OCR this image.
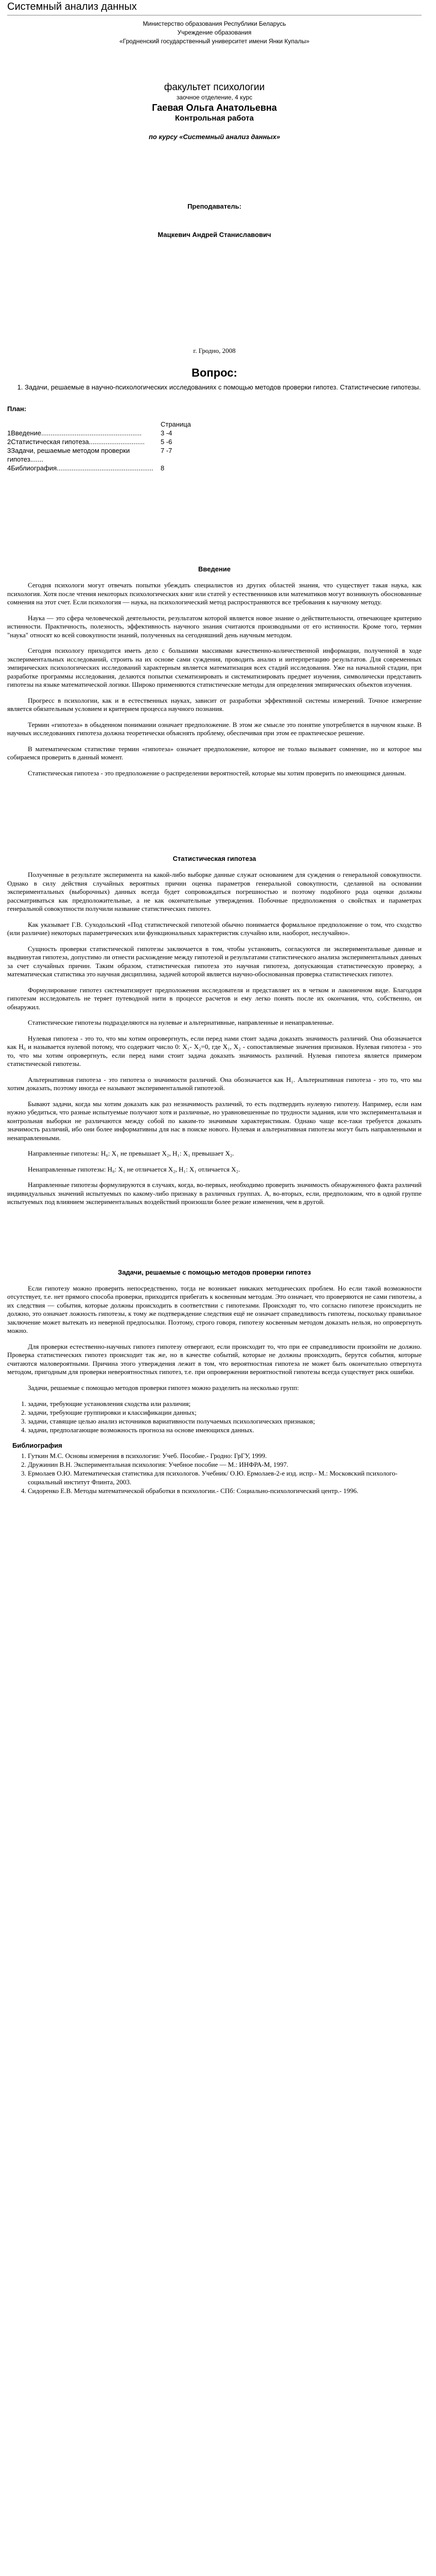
Системный анализ данных
Министерство образования Республики Беларусь
Учреждение образования
«Гродненский государственный университет имени Янки Купалы»
факультет психологии
заочное отделение, 4 курс
Гаевая Ольга Анатольевна
Контрольная работа
по курсу «Системный анализ данных»
Преподаватель:
Мацкевич Андрей Станиславович
г. Гродно, 2008
Вопрос:
1. Задачи, решаемые в научно-психологических исследованиях с помощью методов проверки гипотез. Статистические гипотезы.
План:
	Страница
1Введение......................................................	3 -4
2Статистическая гипотеза..............................	5 -6
3Задачи, решаемые методом проверки гипотез.......	7 -7
4Библиография....................................................	8
Введение

Сегодня психологи могут отвечать попытки убеждать специалистов из других областей знания, что существует такая наука, как психология. Хотя после чтения некоторых психологических книг или статей у естественников или математиков могут возникнуть обоснованные сомнения на этот счет. Если психология — наука, на психологический метод распространяются все требования к научному методу.

Наука — это сфера человеческой деятельности, результатом которой является новое знание о действительности, отвечающее критерию истинности. Практичность, полезность, эффективность научного знания считаются производными от его истинности. Кроме того, термин "наука" относят ко всей совокупности знаний, полученных на сегодняшний день научным методом.

Сегодня психологу приходится иметь дело с большими массивами качественно-количественной информации, полученной в ходе экспериментальных исследований, строить на их основе сами суждения, проводить анализ и интерпретацию результатов. Для современных эмпирических психологических исследований характерным является математизация всех стадий исследования. Уже на начальной стадии, при разработке программы исследования, делаются попытки схематизировать и систематизировать предмет изучения, символически представить гипотезы на языке математической логики. Широко применяются статистические методы для определения эмпирических объектов изучения.

Прогресс в психологии, как и в естественных науках, зависит от разработки эффективной системы измерений. Точное измерение является обязательным условием и критерием процесса научного познания.

Термин «гипотеза» в обыденном понимании означает предположение. В этом же смысле это понятие употребляется в научном языке. В научных исследованиях гипотеза должна теоретически объяснять проблему, обеспечивая при этом ее практическое решение.

В математическом статистике термин «гипотеза» означает предположение, которое не только вызывает сомнение, но и которое мы собираемся проверить в данный момент.

Статистическая гипотеза - это предположение о распределении вероятностей, которые мы хотим проверить по имеющимся данным.

Статистическая гипотеза

Полученные в результате эксперимента на какой-либо выборке данные служат основанием для суждения о генеральной совокупности. Однако в силу действия случайных вероятных причин оценка параметров генеральной совокупности, сделанной на основании экспериментальных (выборочных) данных всегда будет сопровождаться погрешностью и поэтому подобного рода оценки должны рассматриваться как предположительные, а не как окончательные утверждения. Побочные предположения о свойствах и параметрах генеральной совокупности получили название статистических гипотез.

Как указывает Г.В. Суходольский «Под статистической гипотезой обычно понимается формальное предположение о том, что сходство (или различие) некоторых параметрических или функциональных характеристик случайно или, наоборот, неслучайно».

Сущность проверки статистической гипотезы заключается в том, чтобы установить, согласуются ли экспериментальные данные и выдвинутая гипотеза, допустимо ли отнести расхождение между гипотезой и результатами статистического анализа экспериментальных данных за счет случайных причин. Таким образом, статистическая гипотеза это научная гипотеза, допускающая статистическую проверку, а математическая статистика это научная дисциплина, задачей которой является научно-обоснованная проверка статистических гипотез.

Формулирование гипотез систематизирует предположения исследователя и представляет их в четком и лаконичном виде. Благодаря гипотезам исследователь не теряет путеводной нити в процессе расчетов и ему легко понять после их окончания, что, собственно, он обнаружил.

Статистические гипотезы подразделяются на нулевые и альтернативные, направленные и ненаправленные.

Нулевая гипотеза - это то, что мы хотим опровергнуть, если перед нами стоит задача доказать значимость различий. Она обозначается как H₀ и называется нулевой потому, что содержит число 0: X₁- X₂=0, где X₁, X₂ - сопоставляемые значения признаков. Нулевая гипотеза - это то, что мы хотим опровергнуть, если перед нами стоит задача доказать значимость различий. Нулевая гипотеза является примером статистической гипотезы.

Альтернативная гипотеза - это гипотеза о значимости различий. Она обозначается как H₁. Альтернативная гипотеза - это то, что мы хотим доказать, поэтому иногда ее называют экспериментальной гипотезой.

Бывают задачи, когда мы хотим доказать как раз незначимость различий, то есть подтвердить нулевую гипотезу. Например, если нам нужно убедиться, что разные испытуемые получают хотя и различные, но уравновешенные по трудности задания, или что экспериментальная и контрольная выборки не различаются между собой по каким-то значимым характеристикам. Однако чаще все-таки требуется доказать значимость различий, ибо они более информативны для нас в поиске нового. Нулевая и альтернативная гипотезы могут быть направленными и ненаправленными.

Направленные гипотезы: H₀: X₁ не превышает X₂, H₁: X₁ превышает X₂.

Ненаправленные гипотезы: H₀: X₁ не отличается X₂, H₁: X₁ отличается X₂.

Направленные гипотезы формулируются в случаях, когда, во-первых, необходимо проверить значимость обнаруженного факта различий индивидуальных значений испытуемых по какому-либо признаку в различных группах. А, во-вторых, если, предположим, что в одной группе испытуемых под влиянием экспериментальных воздействий произошли более резкие изменения, чем в другой.

Задачи, решаемые с помощью методов проверки гипотез

Если гипотезу можно проверить непосредственно, тогда не возникает никаких методических проблем. Но если такой возможности отсутствует, т.е. нет прямого способа проверки, приходится прибегать к косвенным методам. Это означает, что проверяются не сами гипотезы, а их следствия — события, которые должны происходить в соответствии с гипотезами. Происходят то, что согласно гипотезе происходить не должно, это означает ложность гипотезы, к тому же подтверждение следствия ещё не означает справедливость гипотезы, поскольку правильное заключение может вытекать из неверной предпосылки. Поэтому, строго говоря, гипотезу косвенным методом доказать нельзя, но опровергнуть можно.

Для проверки естественно-научных гипотез гипотезу отвергают, если происходит то, что при ее справедливости произойти не должно. Проверка статистических гипотез происходит так же, но в качестве событий, которые не должны происходить, берутся события, которые считаются маловероятными. Причина этого утверждения лежит в том, что вероятностная гипотеза не может быть окончательно отвергнута методом, пригодным для проверки невероятностных гипотез, т.е. при опровержении вероятностной гипотезы всегда существует риск ошибки.

Задачи, решаемые с помощью методов проверки гипотез можно разделить на несколько групп:

1. задачи, требующие установления сходства или различия;
2. задачи, требующие группировки и классификации данных;
3. задачи, ставящие целью анализ источников вариативности получаемых психологических признаков;
4. задачи, предполагающие возможность прогноза на основе имеющихся данных.
Библиография
1. Гуткин М.С. Основы измерения в психологии: Учеб. Пособие.- Гродно: ГрГУ, 1999.
2. Дружинин В.Н. Экспериментальная психология: Учебное пособие — М.: ИНФРА-М, 1997.
3. Ермолаев О.Ю. Математическая статистика для психологов. Учебник/ О.Ю. Ермолаев-2-е изд. испр.- М.: Московский психолого-социальный институт Флинта, 2003.
4. Сидоренко Е.В. Методы математической обработки в психологии.- СПб: Социально-психологический центр.- 1996.
